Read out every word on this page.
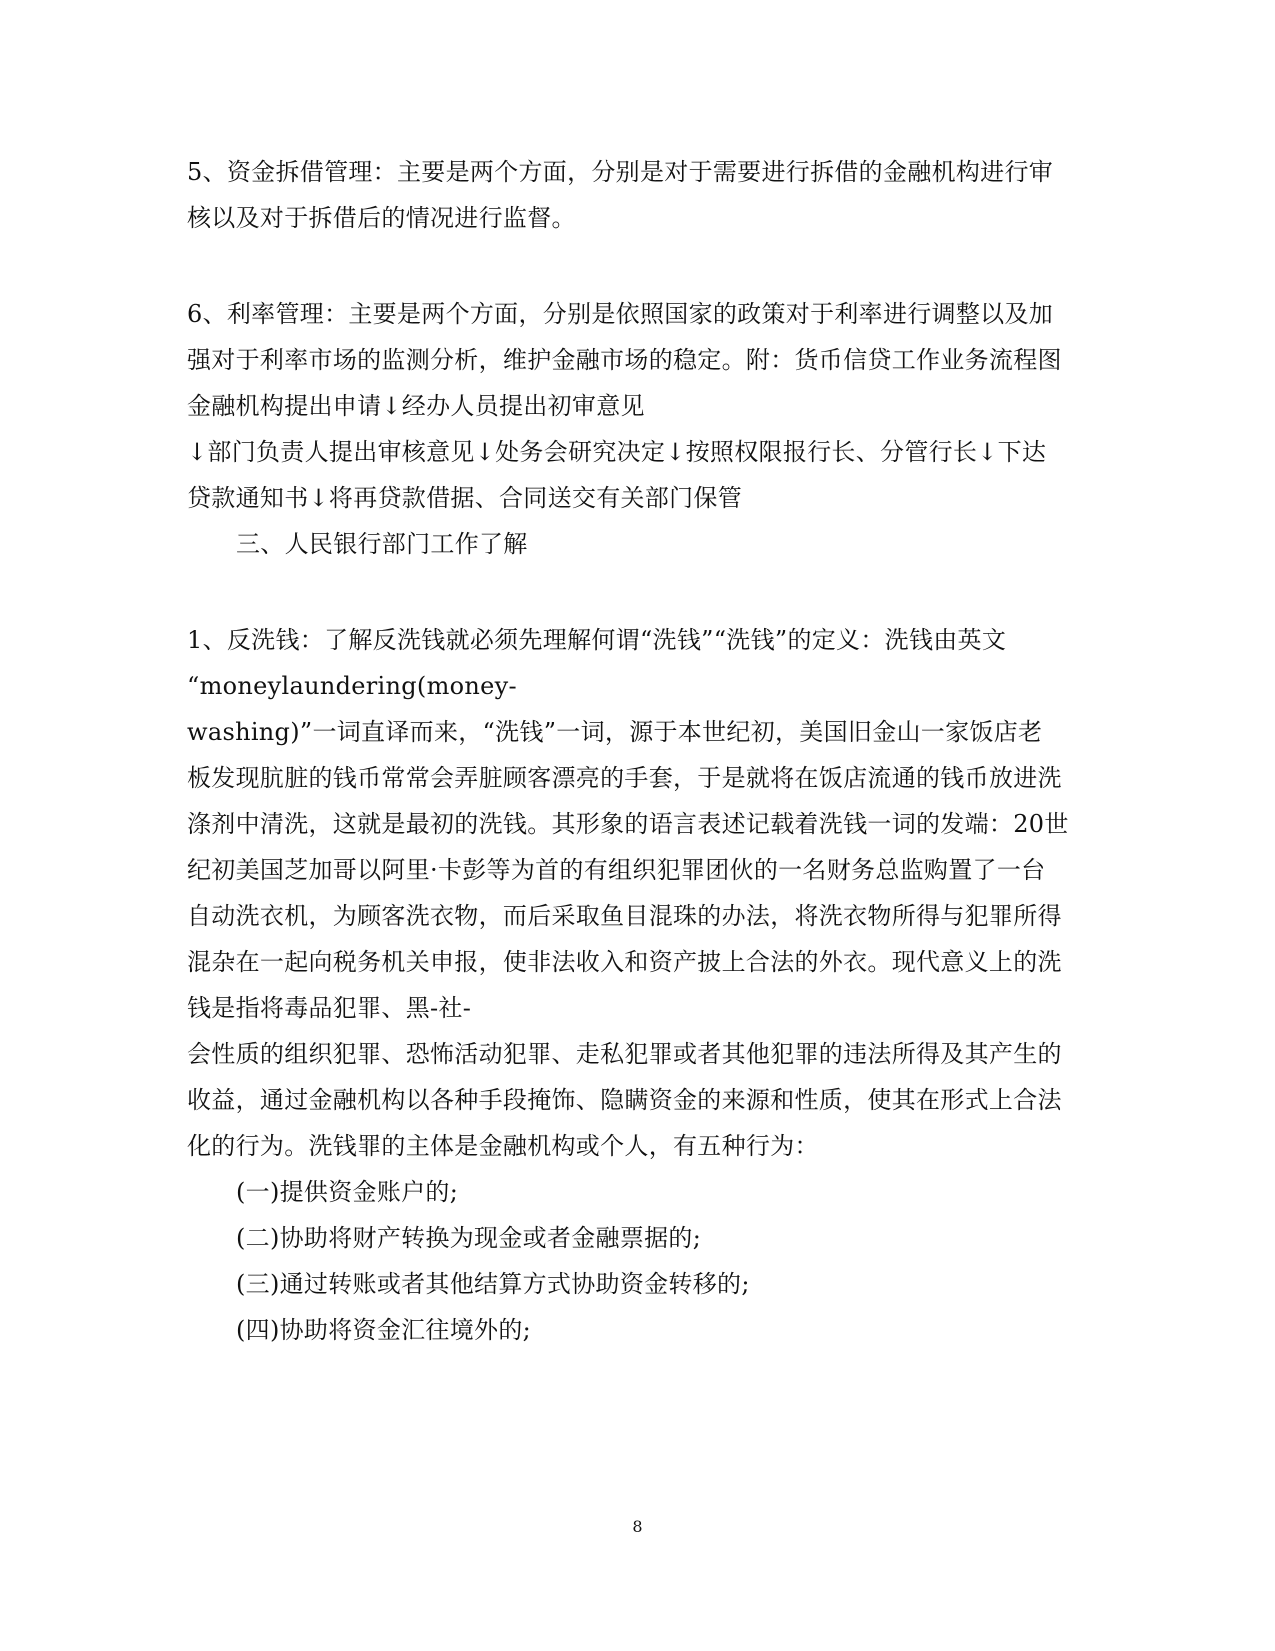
5、资金拆借管理：主要是两个方面，分别是对于需要进行拆借的金融机构进行审
核以及对于拆借后的情况进行监督。
6、利率管理：主要是两个方面，分别是依照国家的政策对于利率进行调整以及加
强对于利率市场的监测分析，维护金融市场的稳定。附：货币信贷工作业务流程图
金融机构提出申请↓经办人员提出初审意见
↓部门负责人提出审核意见↓处务会研究决定↓按照权限报行长、分管行长↓下达
贷款通知书↓将再贷款借据、合同送交有关部门保管
三、人民银行部门工作了解
1、反洗钱：了解反洗钱就必须先理解何谓“洗钱”“洗钱”的定义：洗钱由英文
“moneylaundering(money-
washing)”一词直译而来，“洗钱”一词，源于本世纪初，美国旧金山一家饭店老
板发现肮脏的钱币常常会弄脏顾客漂亮的手套，于是就将在饭店流通的钱币放进洗
涤剂中清洗，这就是最初的洗钱。其形象的语言表述记载着洗钱一词的发端：20世
纪初美国芝加哥以阿里·卡彭等为首的有组织犯罪团伙的一名财务总监购置了一台
自动洗衣机，为顾客洗衣物，而后采取鱼目混珠的办法，将洗衣物所得与犯罪所得
混杂在一起向税务机关申报，使非法收入和资产披上合法的外衣。现代意义上的洗
钱是指将毒品犯罪、黑-社-
会性质的组织犯罪、恐怖活动犯罪、走私犯罪或者其他犯罪的违法所得及其产生的
收益，通过金融机构以各种手段掩饰、隐瞒资金的来源和性质，使其在形式上合法
化的行为。洗钱罪的主体是金融机构或个人，有五种行为：
(一)提供资金账户的;
(二)协助将财产转换为现金或者金融票据的;
(三)通过转账或者其他结算方式协助资金转移的;
(四)协助将资金汇往境外的;
8
